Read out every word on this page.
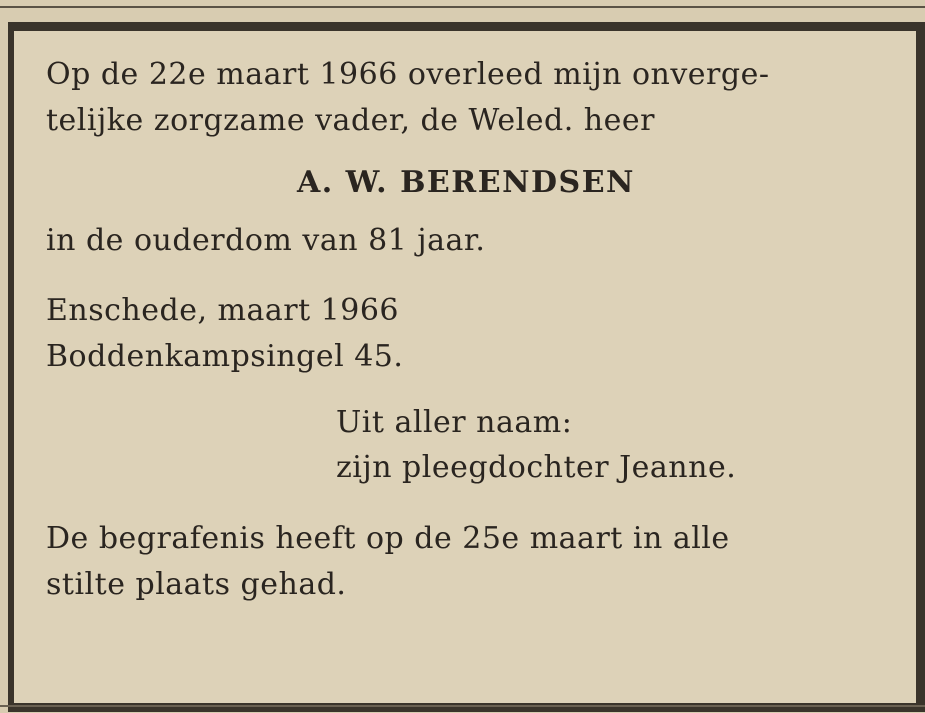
Op de 22e maart 1966 overleed mijn onverge-
telijke zorgzame vader, de Weled. heer
A. W. BERENDSEN
in de ouderdom van 81 jaar.
Enschede, maart 1966
Boddenkampsingel 45.
Uit aller naam:
zijn pleegdochter Jeanne.
De begrafenis heeft op de 25e maart in alle
stilte plaats gehad.
